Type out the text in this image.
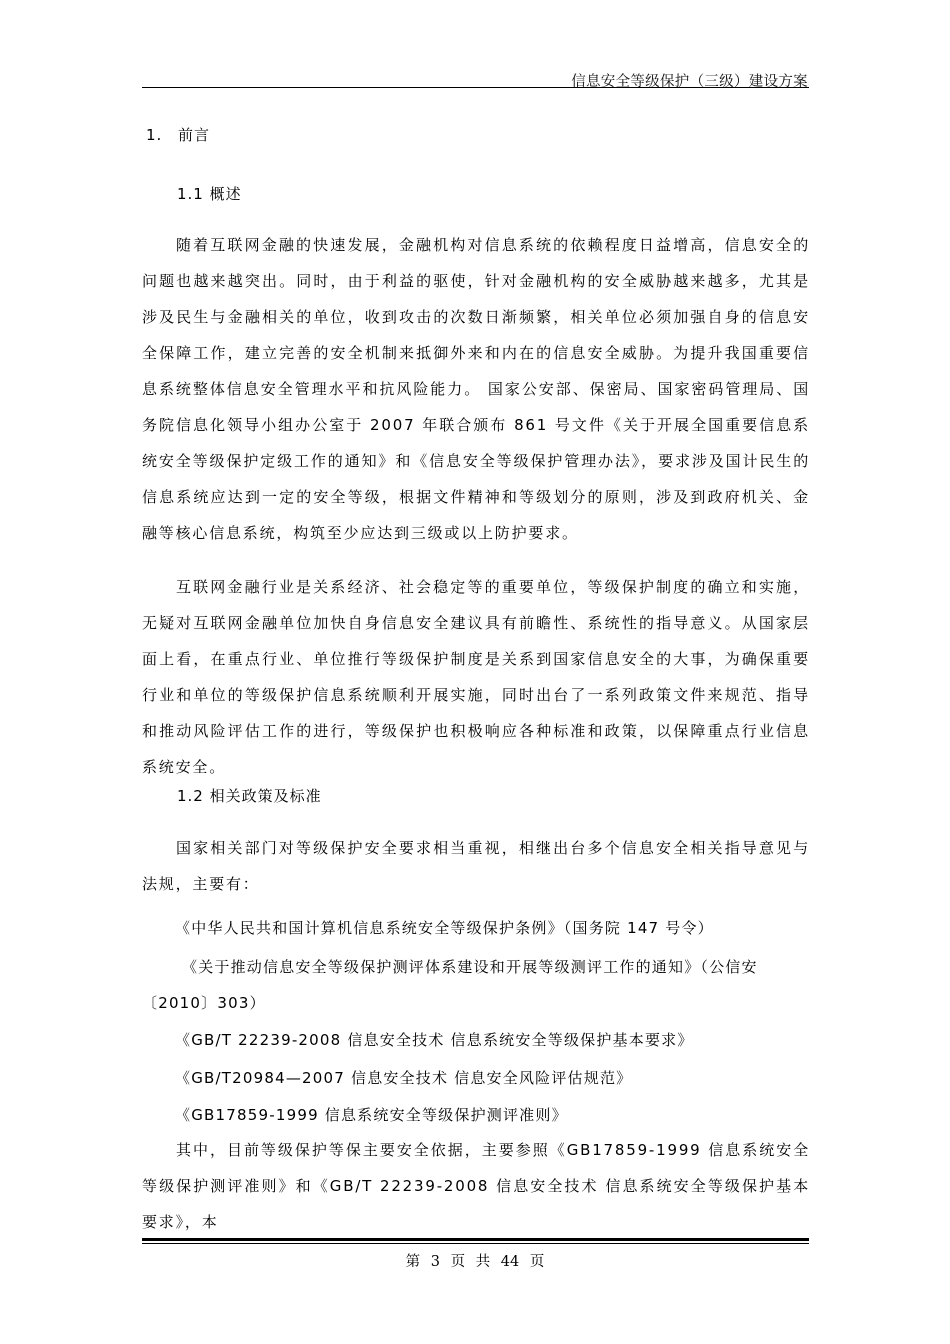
信息安全等级保护（三级）建设方案
1. 前言
1.1 概述

随着互联网金融的快速发展，金融机构对信息系统的依赖程度日益增高，信息安全的问题也越来越突出。同时，由于利益的驱使，针对金融机构的安全威胁越来越多，尤其是涉及民生与金融相关的单位，收到攻击的次数日渐频繁，相关单位必须加强自身的信息安全保障工作，建立完善的安全机制来抵御外来和内在的信息安全威胁。为提升我国重要信息系统整体信息安全管理水平和抗风险能力。 国家公安部、保密局、国家密码管理局、国务院信息化领导小组办公室于 2007 年联合颁布 861 号文件《关于开展全国重要信息系统安全等级保护定级工作的通知》和《信息安全等级保护管理办法》，要求涉及国计民生的信息系统应达到一定的安全等级，根据文件精神和等级划分的原则，涉及到政府机关、金融等核心信息系统，构筑至少应达到三级或以上防护要求。

互联网金融行业是关系经济、社会稳定等的重要单位，等级保护制度的确立和实施，无疑对互联网金融单位加快自身信息安全建议具有前瞻性、系统性的指导意义。从国家层面上看，在重点行业、单位推行等级保护制度是关系到国家信息安全的大事，为确保重要行业和单位的等级保护信息系统顺利开展实施，同时出台了一系列政策文件来规范、指导和推动风险评估工作的进行，等级保护也积极响应各种标准和政策，以保障重点行业信息系统安全。

1.2 相关政策及标准

国家相关部门对等级保护安全要求相当重视，相继出台多个信息安全相关指导意见与法规，主要有：

《中华人民共和国计算机信息系统安全等级保护条例》（国务院 147 号令）
《关于推动信息安全等级保护测评体系建设和开展等级测评工作的通知》（公信安
〔2010〕303）
《GB/T 22239-2008 信息安全技术 信息系统安全等级保护基本要求》
《GB/T20984—2007 信息安全技术 信息安全风险评估规范》
《GB17859-1999 信息系统安全等级保护测评准则》

其中，目前等级保护等保主要安全依据，主要参照《GB17859-1999 信息系统安全等级保护测评准则》和《GB/T 22239-2008 信息安全技术 信息系统安全等级保护基本要求》，本

第 3 页 共 44 页
